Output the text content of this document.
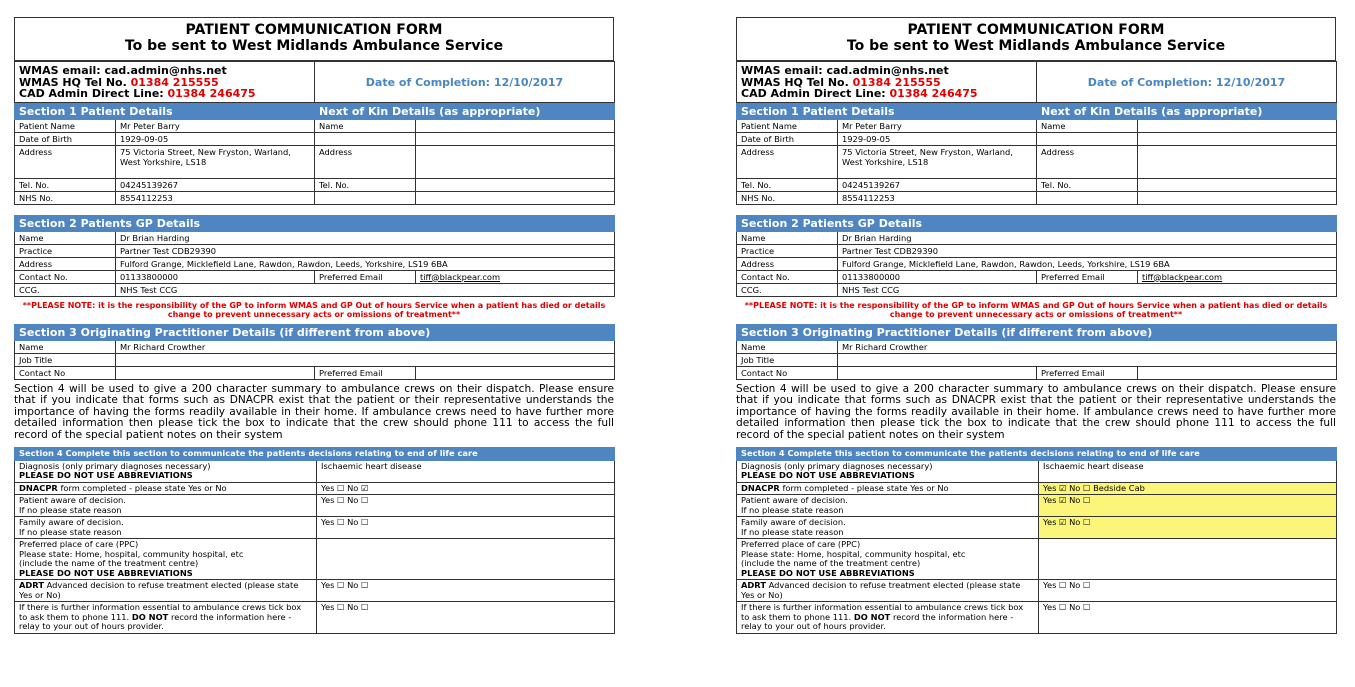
PATIENT COMMUNICATION FORM
To be sent to West Midlands Ambulance Service
WMAS email: cad.admin@nhs.net
WMAS HQ Tel No. 01384 215555
CAD Admin Direct Line: 01384 246475	Date of Completion: 12/10/2017
Section 1 Patient Details		Next of Kin Details (as appropriate)	
Patient Name	Mr Peter Barry	Name	
Date of Birth	1929-09-05		
Address	75 Victoria Street, New Fryston, Warland, West Yorkshire, LS18	Address	
Tel. No.	04245139267	Tel. No.	
NHS No.	8554112253		
Section 2 Patients GP Details			
Name	Dr Brian Harding		
Practice	Partner Test CDB29390		
Address	Fulford Grange, Micklefield Lane, Rawdon, Rawdon, Leeds, Yorkshire, LS19 6BA		
Contact No.	01133800000	Preferred Email	tiff@blackpear.com
CCG.	NHS Test CCG		
**PLEASE NOTE: it is the responsibility of the GP to inform WMAS and GP Out of hours Service when a patient has died or details change to prevent unnecessary acts or omissions of treatment**
Section 3 Originating Practitioner Details (if different from above)			
Name	Mr Richard Crowther		
Job Title			
Contact No		Preferred Email	
Section 4 will be used to give a 200 character summary to ambulance crews on their dispatch. Please ensure that if you indicate that forms such as DNACPR exist that the patient or their representative understands the importance of having the forms readily available in their home. If ambulance crews need to have further more detailed information then please tick the box to indicate that the crew should phone 111 to access the full record of the special patient notes on their system
Section 4 Complete this section to communicate the patients decisions relating to end of life care	
Diagnosis (only primary diagnoses necessary)
PLEASE DO NOT USE ABBREVIATIONS	Ischaemic heart disease
DNACPR form completed - please state Yes or No	Yes ☐ No ☑
Patient aware of decision.
If no please state reason	Yes ☐ No ☐
Family aware of decision.
If no please state reason	Yes ☐ No ☐
Preferred place of care (PPC)
Please state: Home, hospital, community hospital, etc
(include the name of the treatment centre)
PLEASE DO NOT USE ABBREVIATIONS	
ADRT Advanced decision to refuse treatment elected (please state Yes or No)	Yes ☐ No ☐
If there is further information essential to ambulance crews tick box to ask them to phone 111. DO NOT record the information here - relay to your out of hours provider.	Yes ☐ No ☐
PATIENT COMMUNICATION FORM
To be sent to West Midlands Ambulance Service
WMAS email: cad.admin@nhs.net
WMAS HQ Tel No. 01384 215555
CAD Admin Direct Line: 01384 246475	Date of Completion: 12/10/2017
Section 1 Patient Details		Next of Kin Details (as appropriate)	
Patient Name	Mr Peter Barry	Name	
Date of Birth	1929-09-05		
Address	75 Victoria Street, New Fryston, Warland, West Yorkshire, LS18	Address	
Tel. No.	04245139267	Tel. No.	
NHS No.	8554112253		
Section 2 Patients GP Details			
Name	Dr Brian Harding		
Practice	Partner Test CDB29390		
Address	Fulford Grange, Micklefield Lane, Rawdon, Rawdon, Leeds, Yorkshire, LS19 6BA		
Contact No.	01133800000	Preferred Email	tiff@blackpear.com
CCG.	NHS Test CCG		
**PLEASE NOTE: it is the responsibility of the GP to inform WMAS and GP Out of hours Service when a patient has died or details change to prevent unnecessary acts or omissions of treatment**
Section 3 Originating Practitioner Details (if different from above)			
Name	Mr Richard Crowther		
Job Title			
Contact No		Preferred Email	
Section 4 will be used to give a 200 character summary to ambulance crews on their dispatch. Please ensure that if you indicate that forms such as DNACPR exist that the patient or their representative understands the importance of having the forms readily available in their home. If ambulance crews need to have further more detailed information then please tick the box to indicate that the crew should phone 111 to access the full record of the special patient notes on their system
Section 4 Complete this section to communicate the patients decisions relating to end of life care	
Diagnosis (only primary diagnoses necessary)
PLEASE DO NOT USE ABBREVIATIONS	Ischaemic heart disease
DNACPR form completed - please state Yes or No	Yes ☑ No ☐ Bedside Cab
Patient aware of decision.
If no please state reason	Yes ☑ No ☐
Family aware of decision.
If no please state reason	Yes ☑ No ☐
Preferred place of care (PPC)
Please state: Home, hospital, community hospital, etc
(include the name of the treatment centre)
PLEASE DO NOT USE ABBREVIATIONS	
ADRT Advanced decision to refuse treatment elected (please state Yes or No)	Yes ☐ No ☐
If there is further information essential to ambulance crews tick box to ask them to phone 111. DO NOT record the information here - relay to your out of hours provider.	Yes ☐ No ☐
